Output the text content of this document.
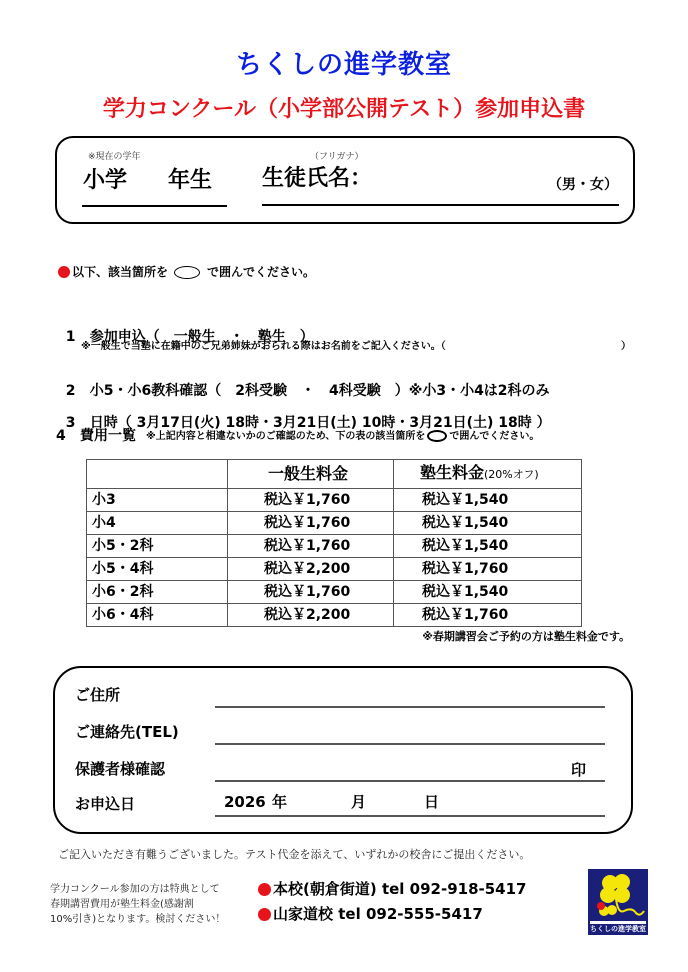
ちくしの進学教室
学力コンクール（小学部公開テスト）参加申込書
※現在の学年
小学 年生
（フリガナ）
生徒氏名：	（男・女）
以下、該当箇所を	で囲んでください。

1 参加申込（　一般生　・　塾生　）

※一般生で当塾に在籍中のご兄弟姉妹がおられる際はお名前をご記入ください。（	）

2 小5・小6教科確認（　2科受験　・　4科受験　）※小3・小4は2科のみ

3 日時（ 3月17日(火) 18時・3月21日(土) 10時・3月21日(土) 18時 ）

4 費用一覧 ※上記内容と相違ないかのご確認のため、下の表の該当箇所を で囲んでください。
	一般生料金	塾生料金(20%オフ)
小3	税込￥1,760	税込￥1,540
小4	税込￥1,760	税込￥1,540
小5・2科	税込￥1,760	税込￥1,540
小5・4科	税込￥2,200	税込￥1,760
小6・2科	税込￥1,760	税込￥1,540
小6・4科	税込￥2,200	税込￥1,760
※春期講習会ご予約の方は塾生料金です。
ご住所
ご連絡先(TEL)
保護者様確認	印
お申込日	2026 年	月	日
ご記入いただき有難うございました。テスト代金を添えて、いずれかの校舎にご提出ください。
学力コンクール参加の方は特典として
春期講習費用が塾生料金(感謝割
10%引き)となります。検討ください！
本校(朝倉街道)
tel 092-918-5417
山家道校
tel 092-555-5417
ちくしの進学教室
